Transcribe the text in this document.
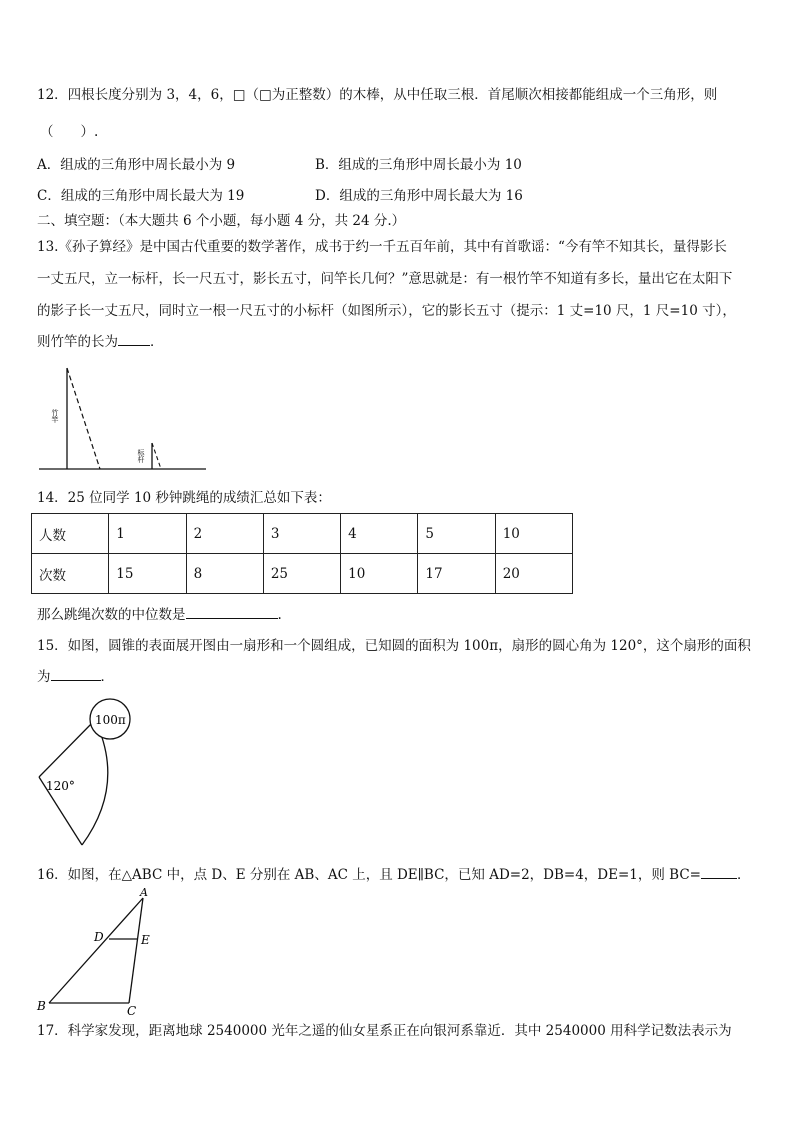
12．四根长度分别为 3，4，6，□（□为正整数）的木棒，从中任取三根．首尾顺次相接都能组成一个三角形，则
（　　）.
A．组成的三角形中周长最小为 9	B．组成的三角形中周长最小为 10
C．组成的三角形中周长最大为 19	D．组成的三角形中周长最大为 16
二、填空题：（本大题共 6 个小题，每小题 4 分，共 24 分.）
13.《孙子算经》是中国古代重要的数学著作，成书于约一千五百年前，其中有首歌谣：“今有竿不知其长，量得影长
一丈五尺，立一标杆，长一尺五寸，影长五寸，问竿长几何？”意思就是：有一根竹竿不知道有多长，量出它在太阳下
的影子长一丈五尺，同时立一根一尺五寸的小标杆（如图所示），它的影长五寸（提示：1 丈=10 尺，1 尺=10 寸），
则竹竿的长为 ．
竹竿
标杆
14．25 位同学 10 秒钟跳绳的成绩汇总如下表：
人数	1	2	3	4	5	10
次数	15	8	25	10	17	20
那么跳绳次数的中位数是	.
15．如图，圆锥的表面展开图由一扇形和一个圆组成，已知圆的面积为 100π，扇形的圆心角为 120°，这个扇形的面积
为	．
100π
120°
16．如图，在△ABC 中，点 D、E 分别在 AB、AC 上，且 DE∥BC，已知 AD=2，DB=4，DE=1，则 BC=	．
A
B	C
D	E
17．科学家发现，距离地球 2540000 光年之遥的仙女星系正在向银河系靠近．其中 2540000 用科学记数法表示为
